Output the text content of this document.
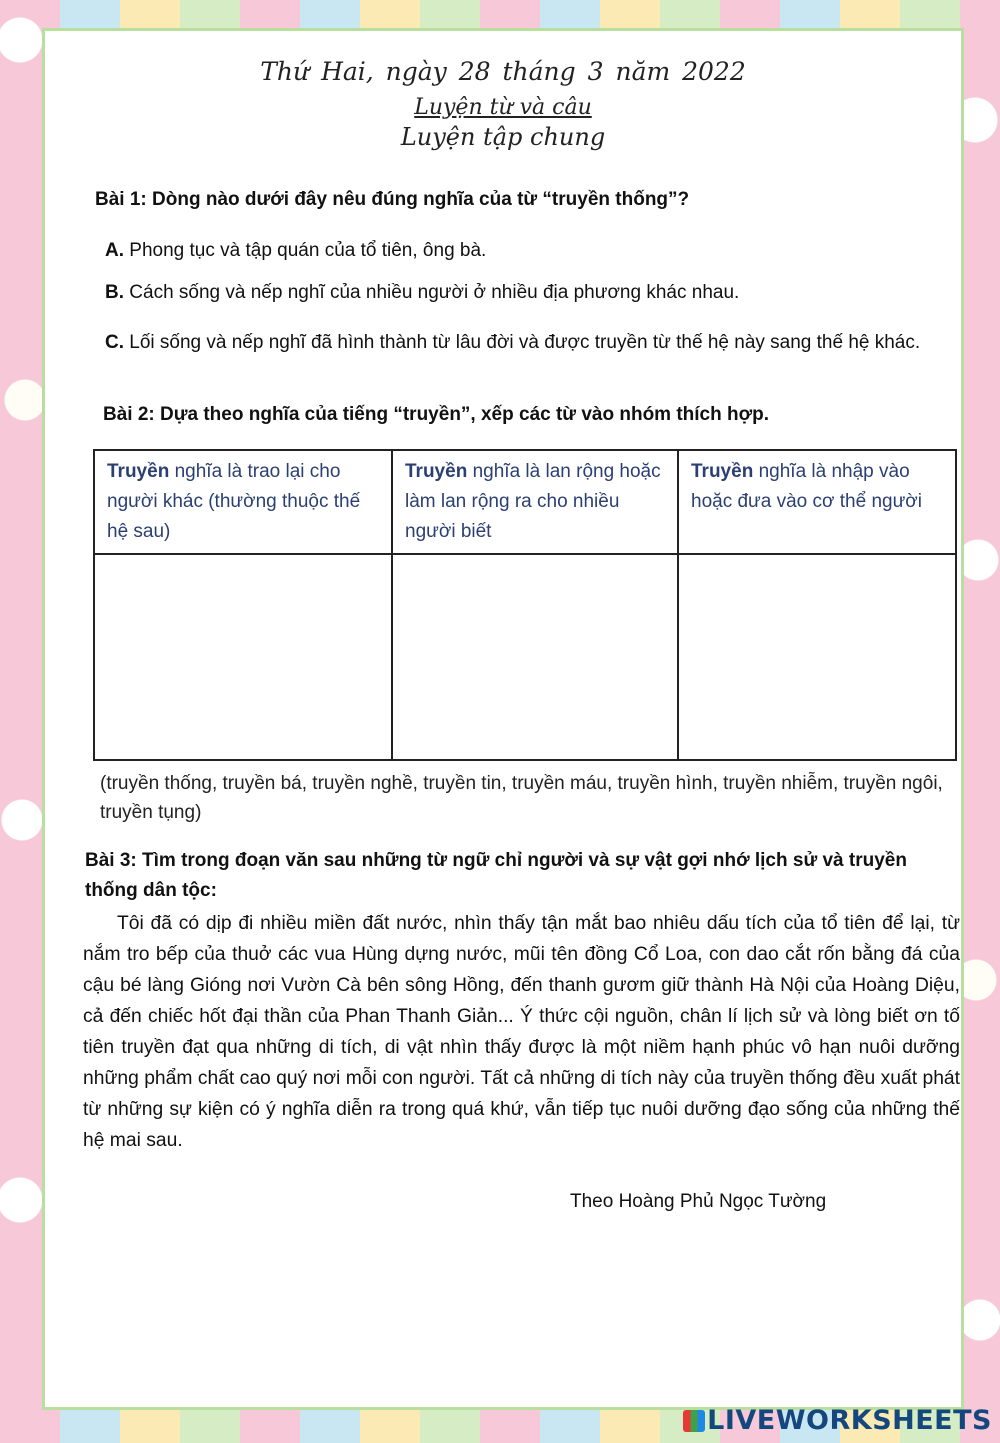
Thứ Hai, ngày 28 tháng 3 năm 2022
Luyện từ và câu
Luyện tập chung
Bài 1: Dòng nào dưới đây nêu đúng nghĩa của từ “truyền thống”?
A. Phong tục và tập quán của tổ tiên, ông bà.
B. Cách sống và nếp nghĩ của nhiều người ở nhiều địa phương khác nhau.
C. Lối sống và nếp nghĩ đã hình thành từ lâu đời và được truyền từ thế hệ này sang thế hệ khác.
Bài 2: Dựa theo nghĩa của tiếng “truyền”, xếp các từ vào nhóm thích hợp.
Truyền nghĩa là trao lại cho người khác (thường thuộc thế hệ sau)	Truyền nghĩa là lan rộng hoặc làm lan rộng ra cho nhiều người biết	Truyền nghĩa là nhập vào hoặc đưa vào cơ thể người

(truyền thống, truyền bá, truyền nghề, truyền tin, truyền máu, truyền hình, truyền nhiễm, truyền ngôi, truyền tụng)
Bài 3: Tìm trong đoạn văn sau những từ ngữ chỉ người và sự vật gợi nhớ lịch sử và truyền thống dân tộc:
Tôi đã có dịp đi nhiều miền đất nước, nhìn thấy tận mắt bao nhiêu dấu tích của tổ tiên để lại, từ nắm tro bếp của thuở các vua Hùng dựng nước, mũi tên đồng Cổ Loa, con dao cắt rốn bằng đá của cậu bé làng Gióng nơi Vườn Cà bên sông Hồng, đến thanh gươm giữ thành Hà Nội của Hoàng Diệu, cả đến chiếc hốt đại thần của Phan Thanh Giản... Ý thức cội nguồn, chân lí lịch sử và lòng biết ơn tố tiên truyền đạt qua những di tích, di vật nhìn thấy được là một niềm hạnh phúc vô hạn nuôi dưỡng những phẩm chất cao quý nơi mỗi con người. Tất cả những di tích này của truyền thống đều xuất phát từ những sự kiện có ý nghĩa diễn ra trong quá khứ, vẫn tiếp tục nuôi dưỡng đạo sống của những thế hệ mai sau.
Theo Hoàng Phủ Ngọc Tường
LIVEWORKSHEETS
